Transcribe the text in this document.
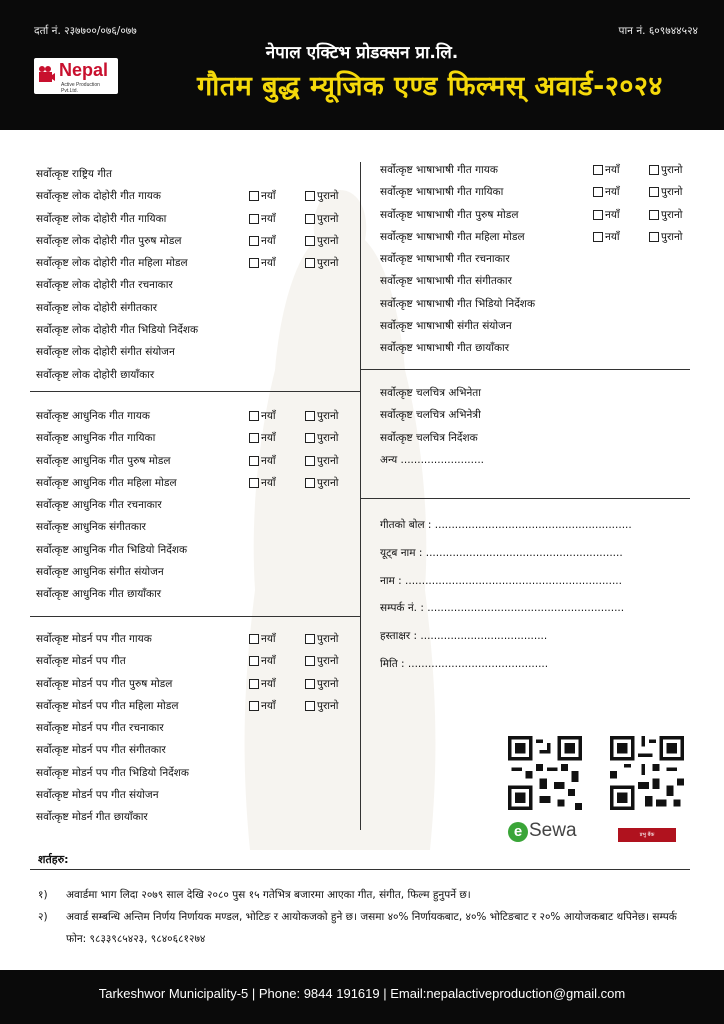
दर्ता नं. २३७७००/०७६/०७७	पान नं. ६०९७४४५२४
Nepal
Active Production Pvt.Ltd.
नेपाल एक्टिभ प्रोडक्सन प्रा.लि.
गौतम बुद्ध म्यूजिक एण्ड फिल्मस् अवार्ड-२०२४
सर्वोत्कृष्ट राष्ट्रिय गीत
सर्वोत्कृष्ट लोक दोहोरी गीत गायक	नयाँ	पुरानो
सर्वोत्कृष्ट लोक दोहोरी गीत गायिका	नयाँ	पुरानो
सर्वोत्कृष्ट लोक दोहोरी गीत पुरुष मोडल	नयाँ	पुरानो
सर्वोत्कृष्ट लोक दोहोरी गीत महिला मोडल	नयाँ	पुरानो
सर्वोत्कृष्ट लोक दोहोरी गीत रचनाकार
सर्वोत्कृष्ट लोक दोहोरी संगीतकार
सर्वोत्कृष्ट लोक दोहोरी गीत भिडियो निर्देशक
सर्वोत्कृष्ट लोक दोहोरी संगीत संयोजन
सर्वोत्कृष्ट लोक दोहोरी छायाँकार
सर्वोत्कृष्ट आधुनिक गीत गायक	नयाँ	पुरानो
सर्वोत्कृष्ट आधुनिक गीत गायिका	नयाँ	पुरानो
सर्वोत्कृष्ट आधुनिक गीत पुरुष मोडल	नयाँ	पुरानो
सर्वोत्कृष्ट आधुनिक गीत महिला मोडल	नयाँ	पुरानो
सर्वोत्कृष्ट आधुनिक गीत रचनाकार
सर्वोत्कृष्ट आधुनिक संगीतकार
सर्वोत्कृष्ट आधुनिक गीत भिडियो निर्देशक
सर्वोत्कृष्ट आधुनिक संगीत संयोजन
सर्वोत्कृष्ट आधुनिक गीत छायाँकार
सर्वोत्कृष्ट मोडर्न पप गीत गायक	नयाँ	पुरानो
सर्वोत्कृष्ट मोडर्न पप गीत	नयाँ	पुरानो
सर्वोत्कृष्ट मोडर्न पप गीत पुरुष मोडल	नयाँ	पुरानो
सर्वोत्कृष्ट मोडर्न पप गीत महिला मोडल	नयाँ	पुरानो
सर्वोत्कृष्ट मोडर्न पप गीत रचनाकार
सर्वोत्कृष्ट मोडर्न पप गीत संगीतकार
सर्वोत्कृष्ट मोडर्न पप गीत भिडियो निर्देशक
सर्वोत्कृष्ट मोडर्न पप गीत संयोजन
सर्वोत्कृष्ट मोडर्न गीत छायाँकार
सर्वोत्कृष्ट भाषाभाषी गीत गायक	नयाँ	पुरानो
सर्वोत्कृष्ट भाषाभाषी गीत गायिका	नयाँ	पुरानो
सर्वोत्कृष्ट भाषाभाषी गीत पुरुष मोडल	नयाँ	पुरानो
सर्वोत्कृष्ट भाषाभाषी गीत महिला मोडल	नयाँ	पुरानो
सर्वोत्कृष्ट भाषाभाषी गीत रचनाकार
सर्वोत्कृष्ट भाषाभाषी गीत संगीतकार
सर्वोत्कृष्ट भाषाभाषी गीत भिडियो निर्देशक
सर्वोत्कृष्ट भाषाभाषी संगीत संयोजन
सर्वोत्कृष्ट भाषाभाषी गीत छायाँकार
सर्वोत्कृष्ट चलचित्र अभिनेता
सर्वोत्कृष्ट चलचित्र अभिनेत्री
सर्वोत्कृष्ट चलचित्र निर्देशक
अन्य .........................
गीतको बोल : ...........................................................
यूट्ब नाम : ...........................................................
नाम : .................................................................
सम्पर्क नं. : ...........................................................
हस्ताक्षर : ......................................
मिति : ..........................................
e Sewa	प्रभु बैंक
शर्तहरु:
१)	अवार्डमा भाग लिदा २०७९ साल देखि २०८० पुस १५ गतेभित्र बजारमा आएका गीत, संगीत, फिल्म हुनुपर्ने छ।
२)	अवार्ड सम्बन्धि अन्तिम निर्णय निर्णायक मण्डल, भोटिङ र आयोकजको हुने छ। जसमा ४०% निर्णायकबाट, ४०% भोटिङबाट र २०% आयोजकबाट थपिनेछ। सम्पर्क फोन: ९८३३९८५४२३, ९८४०६८१२७४
Tarkeshwor Municipality-5 | Phone: 9844 191619 | Email:nepalactiveproduction@gmail.com
